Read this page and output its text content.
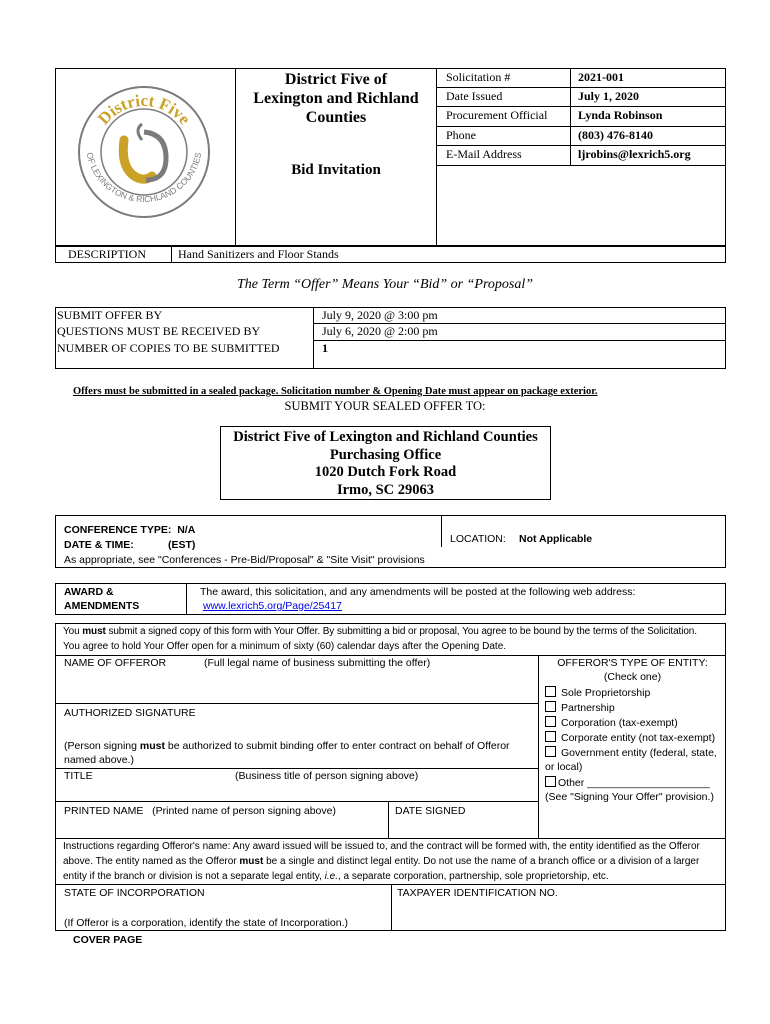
District Five
OF LEXINGTON & RICHLAND COUNTIES
District Five of
Lexington and Richland
Counties
Bid Invitation
Solicitation #	2021-001
Date Issued	July 1, 2020
Procurement Official	Lynda Robinson
Phone	(803) 476-8140
E-Mail Address	ljrobins@lexrich5.org
DESCRIPTION	Hand Sanitizers and Floor Stands
The Term “Offer” Means Your “Bid” or “Proposal”
SUBMIT OFFER BY	July 9, 2020 @ 3:00 pm
QUESTIONS MUST BE RECEIVED BY	July 6, 2020 @ 2:00 pm
NUMBER OF COPIES TO BE SUBMITTED	1
Offers must be submitted in a sealed package. Solicitation number & Opening Date must appear on package exterior.
SUBMIT YOUR SEALED OFFER TO:
District Five of Lexington and Richland Counties
Purchasing Office
1020 Dutch Fork Road
Irmo, SC 29063
CONFERENCE TYPE: N/A
DATE & TIME:	(EST)
As appropriate, see "Conferences - Pre-Bid/Proposal" & "Site Visit" provisions
LOCATION: Not Applicable
AWARD &
AMENDMENTS
The award, this solicitation, and any amendments will be posted at the following web address:
www.lexrich5.org/Page/25417
You must submit a signed copy of this form with Your Offer. By submitting a bid or proposal, You agree to be bound by the terms of the Solicitation.
You agree to hold Your Offer open for a minimum of sixty (60) calendar days after the Opening Date.
NAME OF OFFEROR	(Full legal name of business submitting the offer)
AUTHORIZED SIGNATURE
(Person signing must be authorized to submit binding offer to enter contract on behalf of Offeror
named above.)
TITLE	(Business title of person signing above)
PRINTED NAME (Printed name of person signing above)	DATE SIGNED
OFFEROR'S TYPE OF ENTITY:
(Check one)
Sole Proprietorship
Partnership
Corporation (tax-exempt)
Corporate entity (not tax-exempt)
Government entity (federal, state,
or local)
Other _____________________
(See "Signing Your Offer" provision.)
Instructions regarding Offeror's name: Any award issued will be issued to, and the contract will be formed with, the entity identified as the Offeror
above. The entity named as the Offeror must be a single and distinct legal entity. Do not use the name of a branch office or a division of a larger
entity if the branch or division is not a separate legal entity, i.e., a separate corporation, partnership, sole proprietorship, etc.
STATE OF INCORPORATION
(If Offeror is a corporation, identify the state of Incorporation.)
TAXPAYER IDENTIFICATION NO.
COVER PAGE
